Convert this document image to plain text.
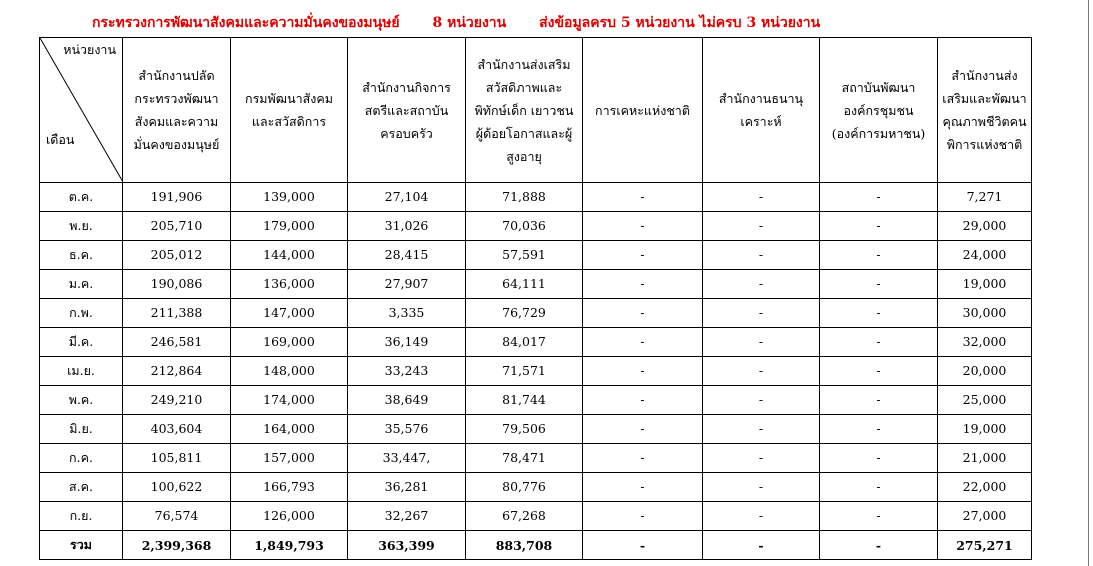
กระทรวงการพัฒนาสังคมและความมั่นคงของมนุษย์ 8 หน่วยงาน ส่งข้อมูลครบ 5 หน่วยงาน ไม่ครบ 3 หน่วยงาน
หน่วยงาน
เดือน	สำนักงานปลัดกระทรวงพัฒนาสังคมและความมั่นคงของมนุษย์	กรมพัฒนาสังคมและสวัสดิการ	สำนักงานกิจการสตรีและสถาบันครอบครัว	สำนักงานส่งเสริมสวัสดิภาพและพิทักษ์เด็ก เยาวชน ผู้ด้อยโอกาสและผู้สูงอายุ	การเคหะแห่งชาติ	สำนักงานธนานุเคราะห์	สถาบันพัฒนาองค์กรชุมชน (องค์การมหาชน)	สำนักงานส่งเสริมและพัฒนาคุณภาพชีวิตคนพิการแห่งชาติ

ต.ค.	191,906	139,000	27,104	71,888	-	-	-	7,271
พ.ย.	205,710	179,000	31,026	70,036	-	-	-	29,000
ธ.ค.	205,012	144,000	28,415	57,591	-	-	-	24,000
ม.ค.	190,086	136,000	27,907	64,111	-	-	-	19,000
ก.พ.	211,388	147,000	3,335	76,729	-	-	-	30,000
มี.ค.	246,581	169,000	36,149	84,017	-	-	-	32,000
เม.ย.	212,864	148,000	33,243	71,571	-	-	-	20,000
พ.ค.	249,210	174,000	38,649	81,744	-	-	-	25,000
มิ.ย.	403,604	164,000	35,576	79,506	-	-	-	19,000
ก.ค.	105,811	157,000	33,447,	78,471	-	-	-	21,000
ส.ค.	100,622	166,793	36,281	80,776	-	-	-	22,000
ก.ย.	76,574	126,000	32,267	67,268	-	-	-	27,000
รวม	2,399,368	1,849,793	363,399	883,708	-	-	-	275,271
